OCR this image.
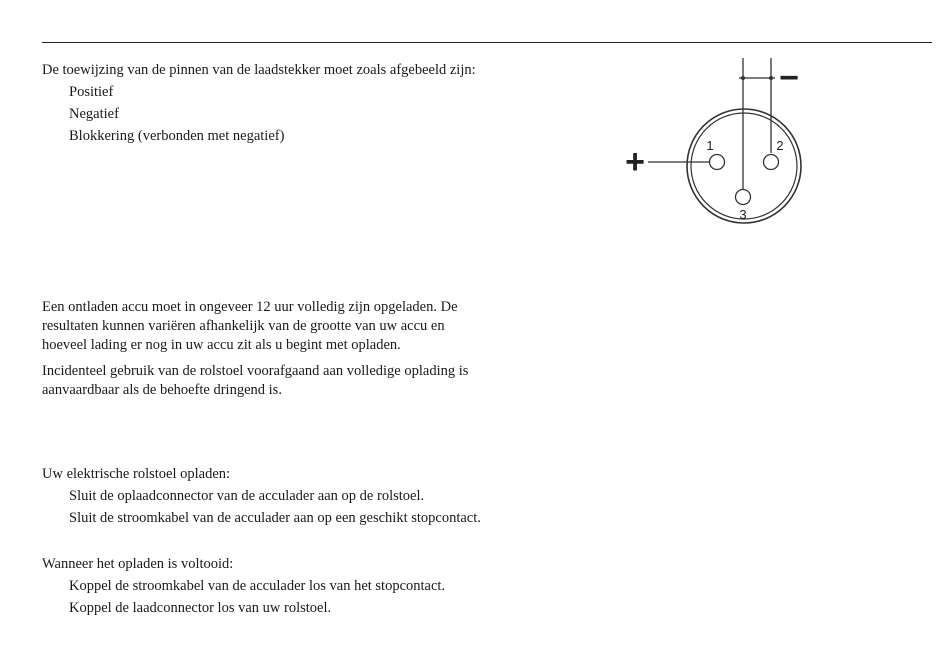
De toewijzing van de pinnen van de laadstekker moet zoals afgebeeld zijn:

Positief

Negatief

Blokkering (verbonden met negatief)

Een ontladen accu moet in ongeveer 12 uur volledig zijn opgeladen. De
resultaten kunnen variëren afhankelijk van de grootte van uw accu en
hoeveel lading er nog in uw accu zit als u begint met opladen.

Incidenteel gebruik van de rolstoel voorafgaand aan volledige oplading is
aanvaardbaar als de behoefte dringend is.

Uw elektrische rolstoel opladen:

Sluit de oplaadconnector van de acculader aan op de rolstoel.

Sluit de stroomkabel van de acculader aan op een geschikt stopcontact.

Wanneer het opladen is voltooid:

Koppel de stroomkabel van de acculader los van het stopcontact.

Koppel de laadconnector los van uw rolstoel.

+
−
1	2
3
